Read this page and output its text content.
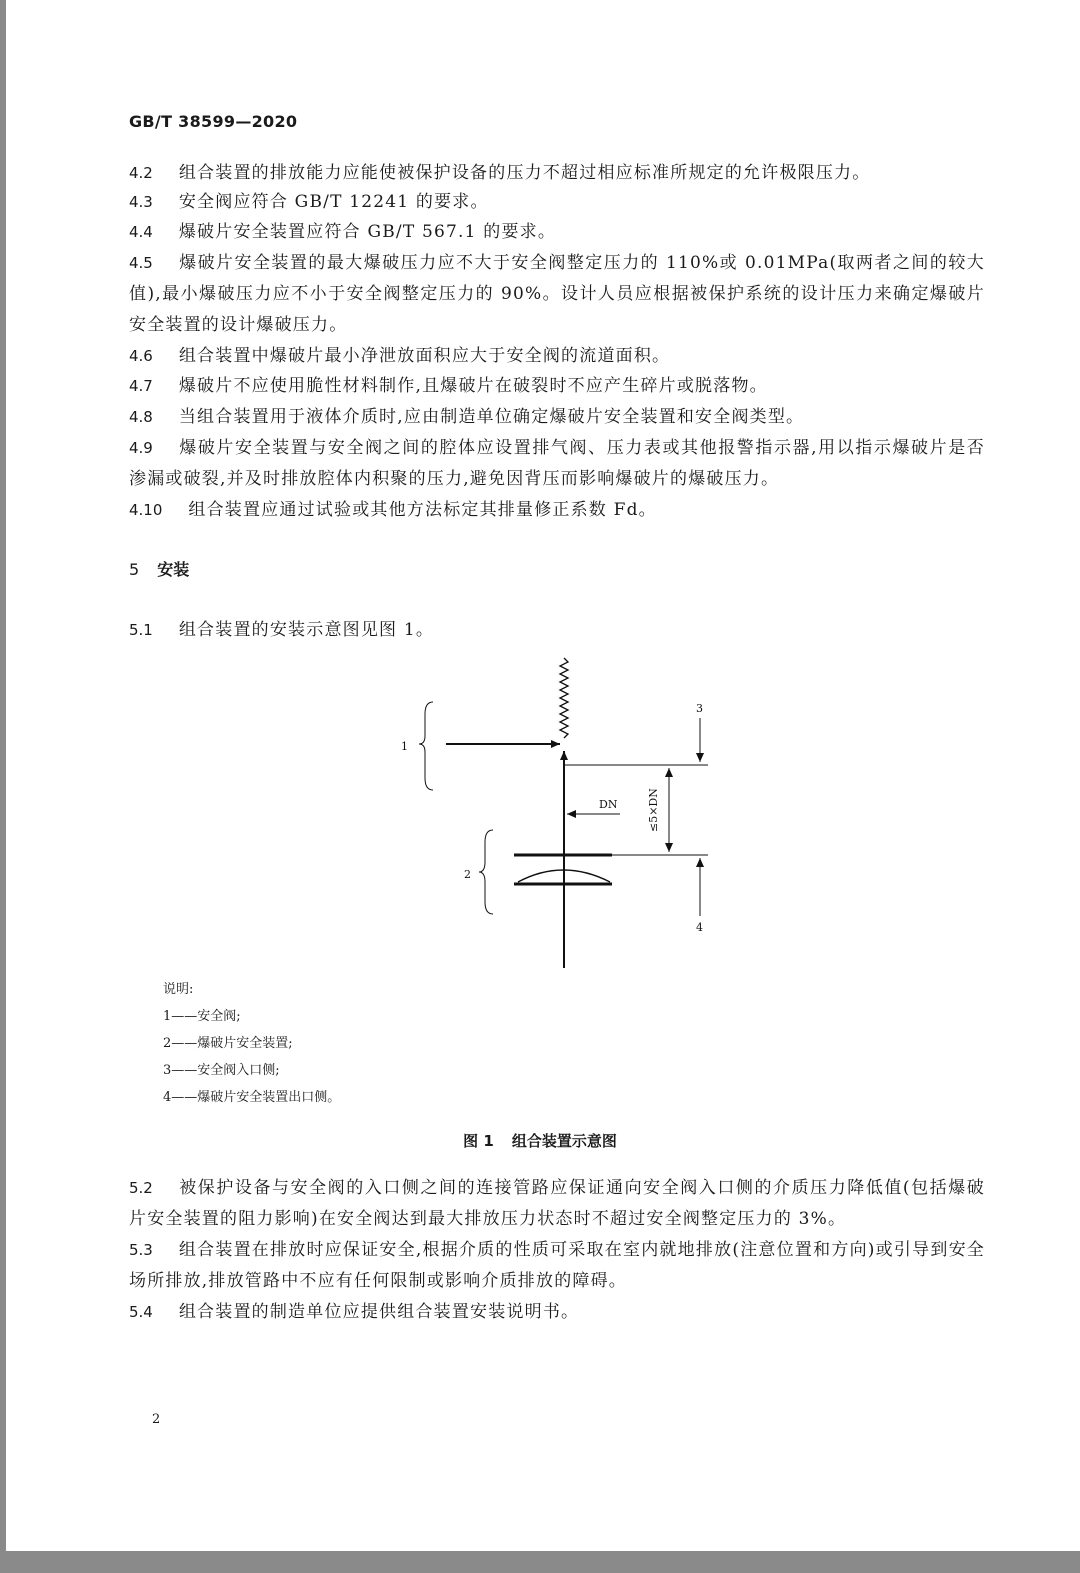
GB/T 38599—2020
4.2 组合装置的排放能力应能使被保护设备的压力不超过相应标准所规定的允许极限压力。
4.3 安全阀应符合 GB/T 12241 的要求。
4.4 爆破片安全装置应符合 GB/T 567.1 的要求。
4.5 爆破片安全装置的最大爆破压力应不大于安全阀整定压力的 110%或 0.01MPa(取两者之间的较大值),最小爆破压力应不小于安全阀整定压力的 90%。设计人员应根据被保护系统的设计压力来确定爆破片安全装置的设计爆破压力。
4.6 组合装置中爆破片最小净泄放面积应大于安全阀的流道面积。
4.7 爆破片不应使用脆性材料制作,且爆破片在破裂时不应产生碎片或脱落物。
4.8 当组合装置用于液体介质时,应由制造单位确定爆破片安全装置和安全阀类型。
4.9 爆破片安全装置与安全阀之间的腔体应设置排气阀、压力表或其他报警指示器,用以指示爆破片是否渗漏或破裂,并及时排放腔体内积聚的压力,避免因背压而影响爆破片的爆破压力。
4.10 组合装置应通过试验或其他方法标定其排量修正系数 Fd。
5 安装
5.1 组合装置的安装示意图见图 1。
1
2
3
4
DN	≤5×DN
说明:
1——安全阀;
2——爆破片安全装置;
3——安全阀入口侧;
4——爆破片安全装置出口侧。
图 1 组合装置示意图
5.2 被保护设备与安全阀的入口侧之间的连接管路应保证通向安全阀入口侧的介质压力降低值(包括爆破片安全装置的阻力影响)在安全阀达到最大排放压力状态时不超过安全阀整定压力的 3%。
5.3 组合装置在排放时应保证安全,根据介质的性质可采取在室内就地排放(注意位置和方向)或引导到安全场所排放,排放管路中不应有任何限制或影响介质排放的障碍。
5.4 组合装置的制造单位应提供组合装置安装说明书。
2
